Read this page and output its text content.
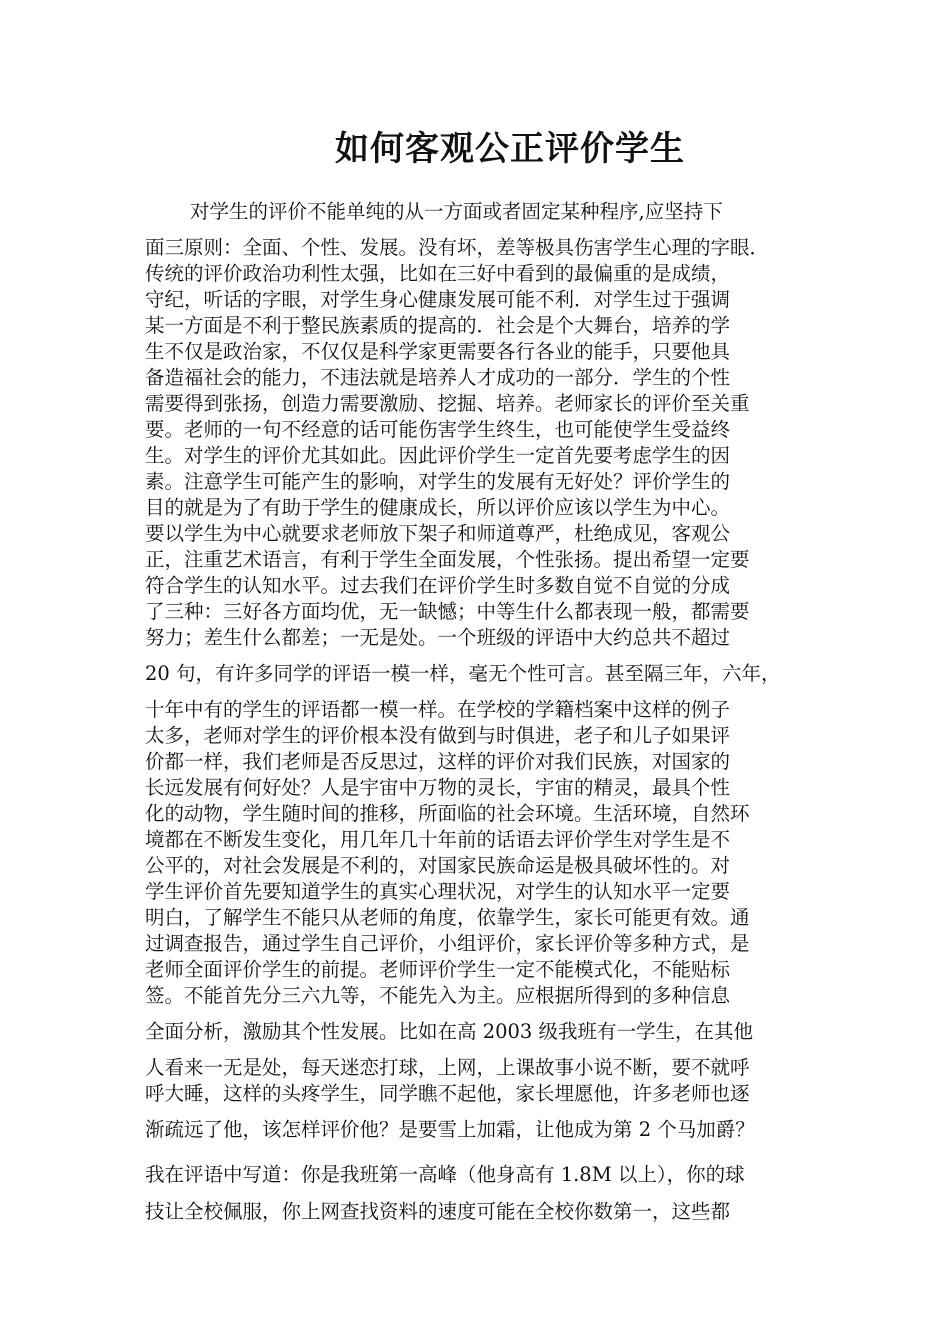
如何客观公正评价学生
对学生的评价不能单纯的从一方面或者固定某种程序,应坚持下
面三原则：全面、个性、发展。没有坏，差等极具伤害学生心理的字眼．
传统的评价政治功利性太强，比如在三好中看到的最偏重的是成绩，
守纪，听话的字眼，对学生身心健康发展可能不利．对学生过于强调
某一方面是不利于整民族素质的提高的．社会是个大舞台，培养的学
生不仅是政治家，不仅仅是科学家更需要各行各业的能手，只要他具
备造福社会的能力，不违法就是培养人才成功的一部分．学生的个性
需要得到张扬，创造力需要激励、挖掘、培养。老师家长的评价至关重
要。老师的一句不经意的话可能伤害学生终生，也可能使学生受益终
生。对学生的评价尤其如此。因此评价学生一定首先要考虑学生的因
素。注意学生可能产生的影响，对学生的发展有无好处？评价学生的
目的就是为了有助于学生的健康成长，所以评价应该以学生为中心。
要以学生为中心就要求老师放下架子和师道尊严，杜绝成见，客观公
正，注重艺术语言，有利于学生全面发展，个性张扬。提出希望一定要
符合学生的认知水平。过去我们在评价学生时多数自觉不自觉的分成
了三种：三好各方面均优，无一缺憾；中等生什么都表现一般，都需要
努力；差生什么都差；一无是处。一个班级的评语中大约总共不超过
20 句，有许多同学的评语一模一样，毫无个性可言。甚至隔三年，六年，
十年中有的学生的评语都一模一样。在学校的学籍档案中这样的例子
太多，老师对学生的评价根本没有做到与时俱进，老子和儿子如果评
价都一样，我们老师是否反思过，这样的评价对我们民族，对国家的
长远发展有何好处？人是宇宙中万物的灵长，宇宙的精灵，最具个性
化的动物，学生随时间的推移，所面临的社会环境。生活环境，自然环
境都在不断发生变化，用几年几十年前的话语去评价学生对学生是不
公平的，对社会发展是不利的，对国家民族命运是极具破坏性的。对
学生评价首先要知道学生的真实心理状况，对学生的认知水平一定要
明白，了解学生不能只从老师的角度，依靠学生，家长可能更有效。通
过调查报告，通过学生自己评价，小组评价，家长评价等多种方式，是
老师全面评价学生的前提。老师评价学生一定不能模式化，不能贴标
签。不能首先分三六九等，不能先入为主。应根据所得到的多种信息
全面分析，激励其个性发展。比如在高 2003 级我班有一学生，在其他
人看来一无是处，每天迷恋打球，上网，上课故事小说不断，要不就呼
呼大睡，这样的头疼学生，同学瞧不起他，家长埋愿他，许多老师也逐
渐疏远了他，该怎样评价他？是要雪上加霜，让他成为第 2 个马加爵？
我在评语中写道：你是我班第一高峰（他身高有 1.8M 以上），你的球
技让全校佩服，你上网查找资料的速度可能在全校你数第一，这些都
